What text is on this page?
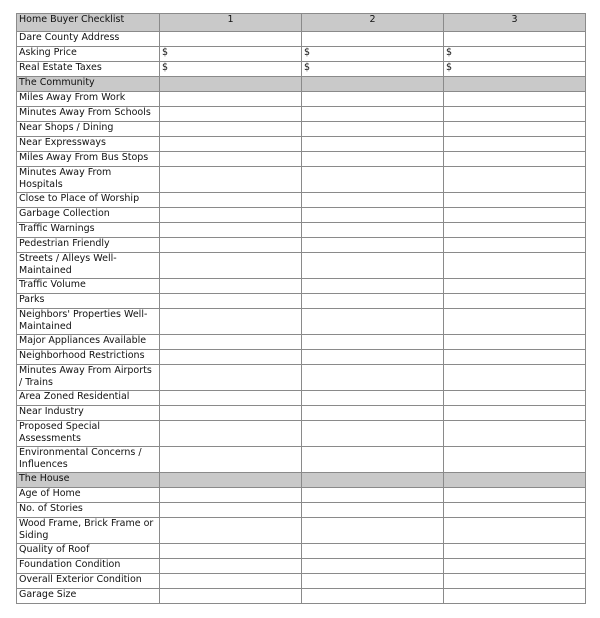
Home Buyer Checklist	1	2	3
Dare County Address			
Asking Price	$	$	$
Real Estate Taxes	$	$	$
The Community			
Miles Away From Work			
Minutes Away From Schools			
Near Shops / Dining			
Near Expressways			
Miles Away From Bus Stops			
Minutes Away From Hospitals			
Close to Place of Worship			
Garbage Collection			
Traffic Warnings			
Pedestrian Friendly			
Streets / Alleys Well-Maintained			
Traffic Volume			
Parks			
Neighbors' Properties Well-Maintained			
Major Appliances Available			
Neighborhood Restrictions			
Minutes Away From Airports / Trains			
Area Zoned Residential			
Near Industry			
Proposed Special Assessments			
Environmental Concerns / Influences			
The House			
Age of Home			
No. of Stories			
Wood Frame, Brick Frame or Siding			
Quality of Roof			
Foundation Condition			
Overall Exterior Condition			
Garage Size			
